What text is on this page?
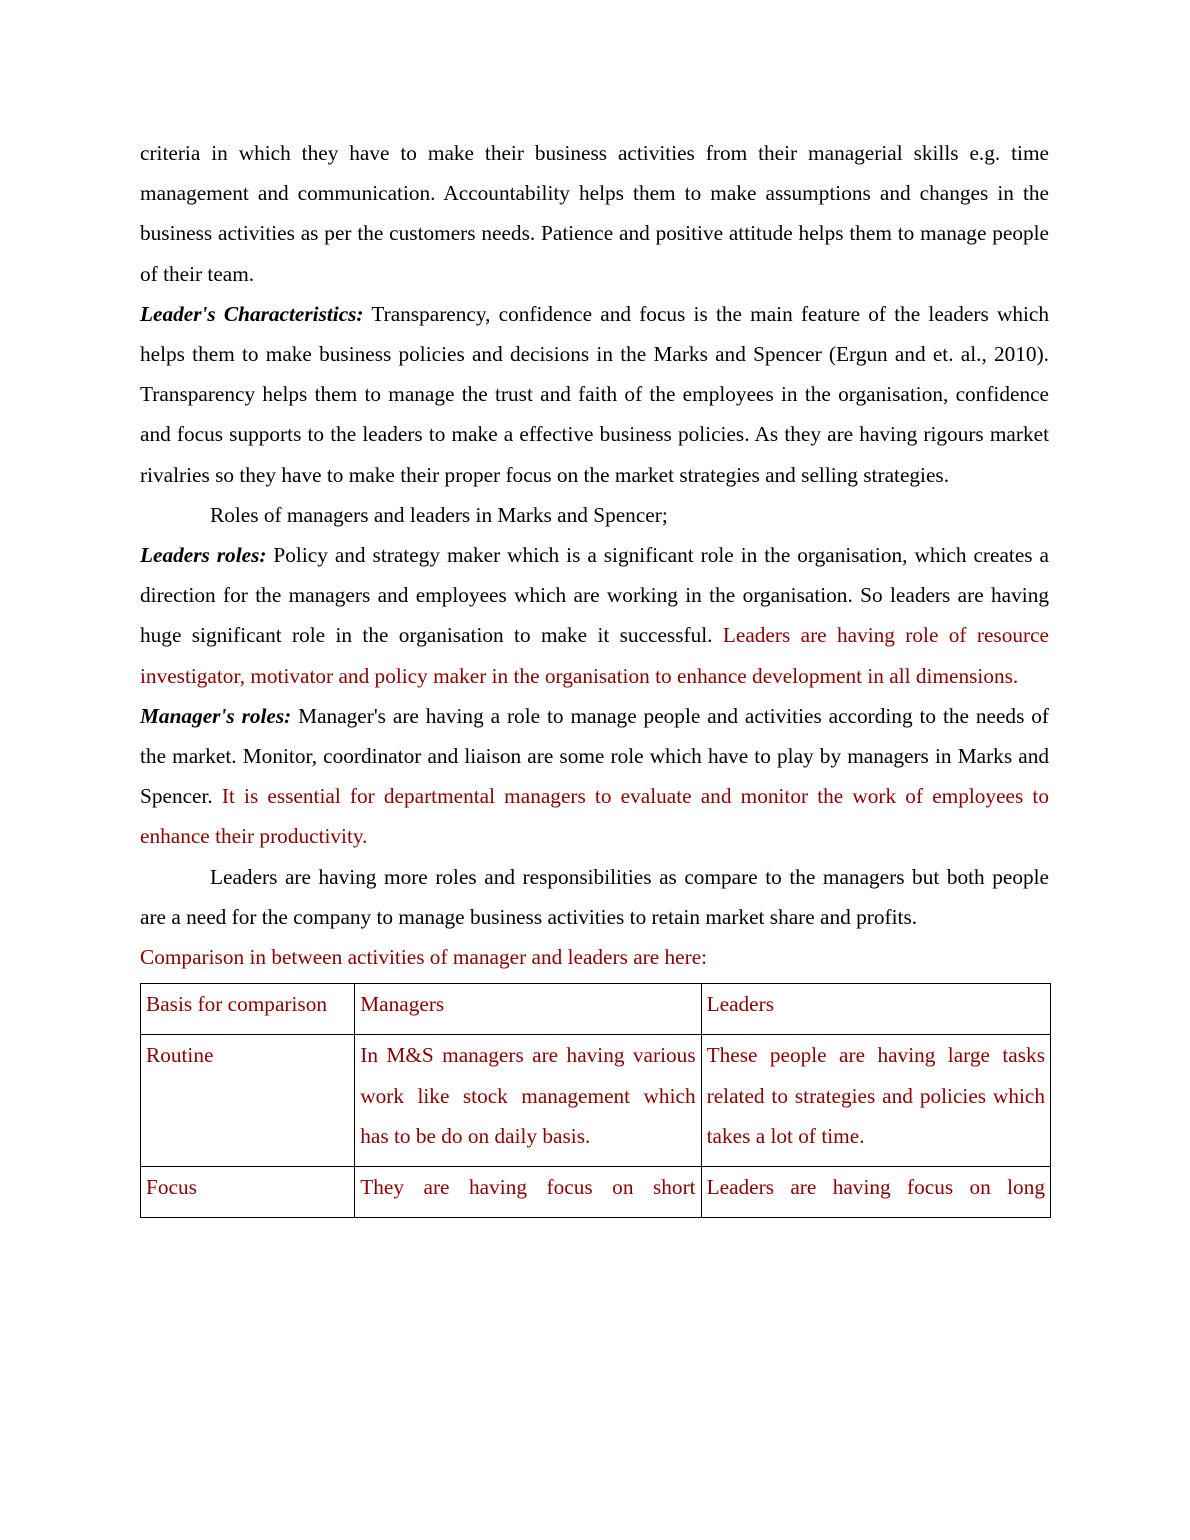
criteria in which they have to make their business activities from their managerial skills e.g. time management and communication. Accountability helps them to make assumptions and changes in the business activities as per the customers needs. Patience and positive attitude helps them to manage people of their team.

Leader's Characteristics: Transparency, confidence and focus is the main feature of the leaders which helps them to make business policies and decisions in the Marks and Spencer (Ergun and et. al., 2010). Transparency helps them to manage the trust and faith of the employees in the organisation, confidence and focus supports to the leaders to make a effective business policies. As they are having rigours market rivalries so they have to make their proper focus on the market strategies and selling strategies.

Roles of managers and leaders in Marks and Spencer;

Leaders roles: Policy and strategy maker which is a significant role in the organisation, which creates a direction for the managers and employees which are working in the organisation. So leaders are having huge significant role in the organisation to make it successful. Leaders are having role of resource investigator, motivator and policy maker in the organisation to enhance development in all dimensions.

Manager's roles: Manager's are having a role to manage people and activities according to the needs of the market. Monitor, coordinator and liaison are some role which have to play by managers in Marks and Spencer. It is essential for departmental managers to evaluate and monitor the work of employees to enhance their productivity.

Leaders are having more roles and responsibilities as compare to the managers but both people are a need for the company to manage business activities to retain market share and profits.

Comparison in between activities of manager and leaders are here:

Basis for comparison	Managers	Leaders
Routine	In M&S managers are having various work like stock management which has to be do on daily basis.	These people are having large tasks related to strategies and policies which takes a lot of time.
Focus	They are having focus on short	Leaders are having focus on long
